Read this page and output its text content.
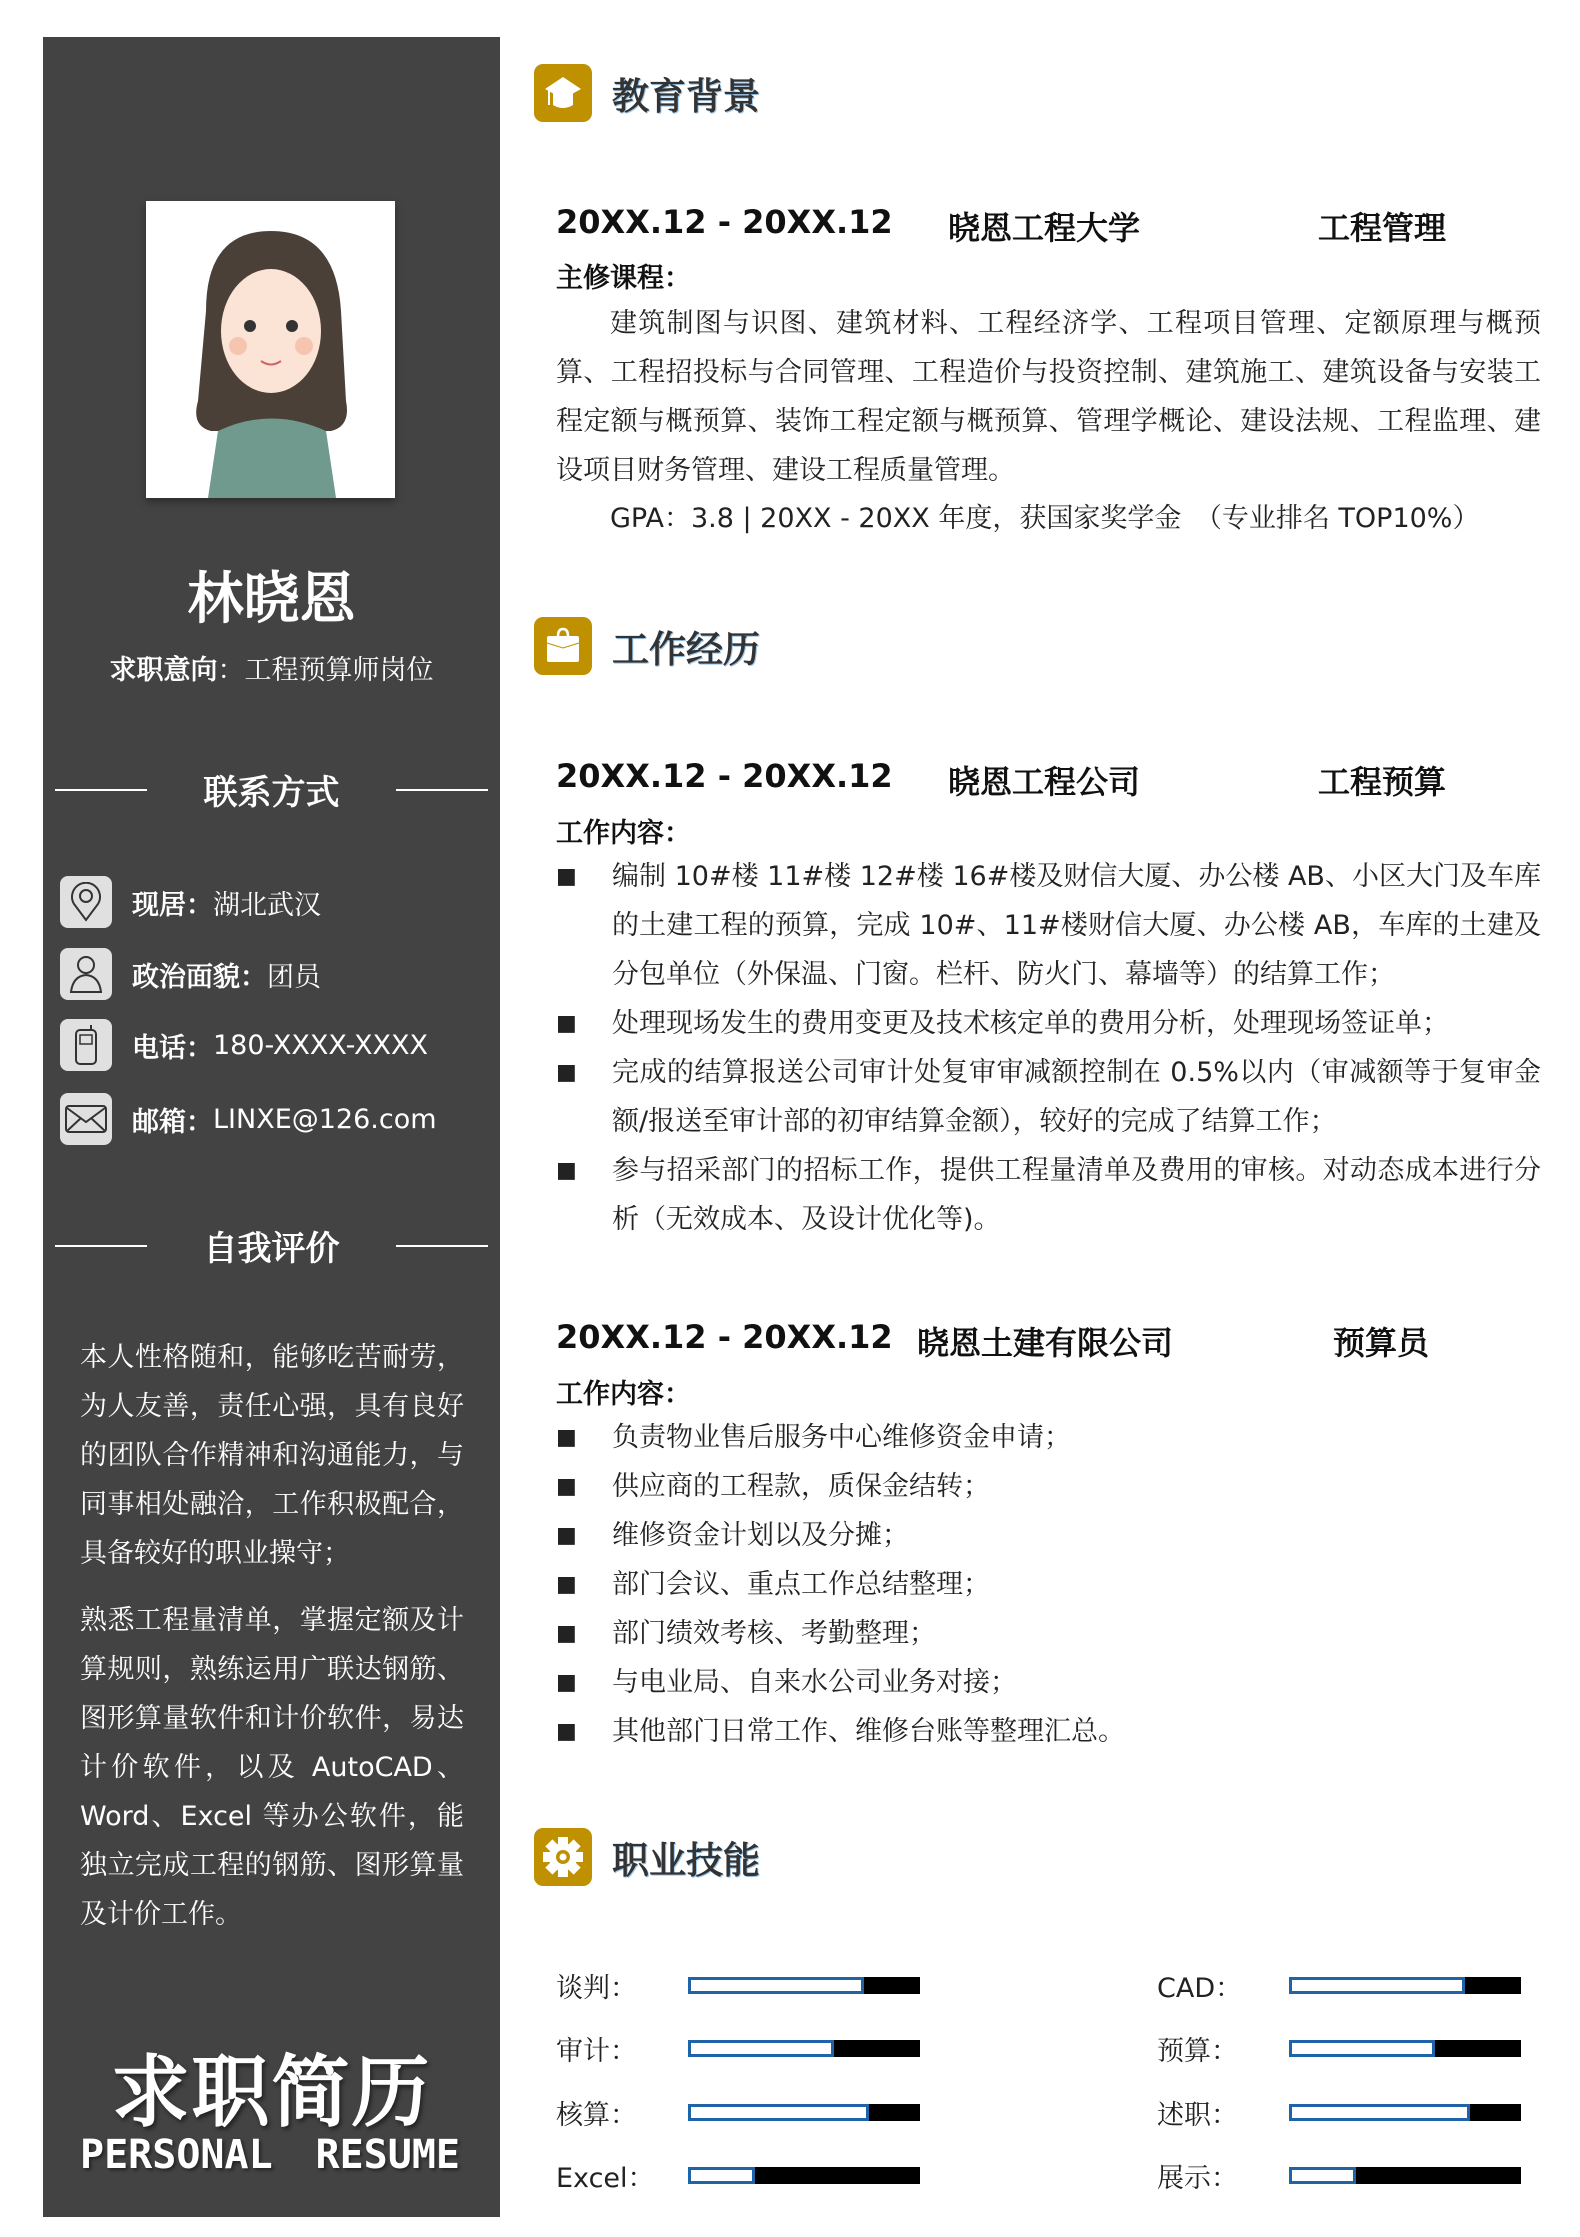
林晓恩
求职意向：工程预算师岗位
联系方式
现居： 湖北武汉
政治面貌： 团员
电话： 180-XXXX-XXXX
邮箱： LINXE@126.com
自我评价

本人性格随和，能够吃苦耐劳，为人友善，责任心强，具有良好的团队合作精神和沟通能力，与同事相处融洽，工作积极配合，具备较好的职业操守；

熟悉工程量清单，掌握定额及计算规则，熟练运用广联达钢筋、图形算量软件和计价软件，易达计价软件，以及 AutoCAD、Word、Excel 等办公软件，能独立完成工程的钢筋、图形算量及计价工作。

求职简历
PERSONAL RESUME
教育背景
20XX.12 - 20XX.12 晓恩工程大学	工程管理
主修课程：

建筑制图与识图、建筑材料、工程经济学、工程项目管理、定额原理与概预算、工程招投标与合同管理、工程造价与投资控制、建筑施工、建筑设备与安装工程定额与概预算、装饰工程定额与概预算、管理学概论、建设法规、工程监理、建设项目财务管理、建设工程质量管理。

GPA：3.8 | 20XX - 20XX 年度，获国家奖学金　（专业排名 TOP10%）

工作经历
20XX.12 - 20XX.12 晓恩工程公司	工程预算
工作内容：
■ 编制 10#楼 11#楼 12#楼 16#楼及财信大厦、办公楼 AB、小区大门及车库的土建工程的预算，完成 10#、11#楼财信大厦、办公楼 AB，车库的土建及分包单位（外保温、门窗。栏杆、防火门、幕墙等）的结算工作；
■ 处理现场发生的费用变更及技术核定单的费用分析，处理现场签证单；
■ 完成的结算报送公司审计处复审审减额控制在 0.5%以内（审减额等于复审金额/报送至审计部的初审结算金额），较好的完成了结算工作；
■ 参与招采部门的招标工作，提供工程量清单及费用的审核。对动态成本进行分析（无效成本、及设计优化等)。
20XX.12 - 20XX.12 晓恩土建有限公司	预算员
工作内容：
■ 负责物业售后服务中心维修资金申请；
■ 供应商的工程款，质保金结转；
■ 维修资金计划以及分摊；
■ 部门会议、重点工作总结整理；
■ 部门绩效考核、考勤整理；
■ 与电业局、自来水公司业务对接；
■ 其他部门日常工作、维修台账等整理汇总。
职业技能
谈判：
审计：
核算：
Excel：
CAD：
预算：
述职：
展示：
